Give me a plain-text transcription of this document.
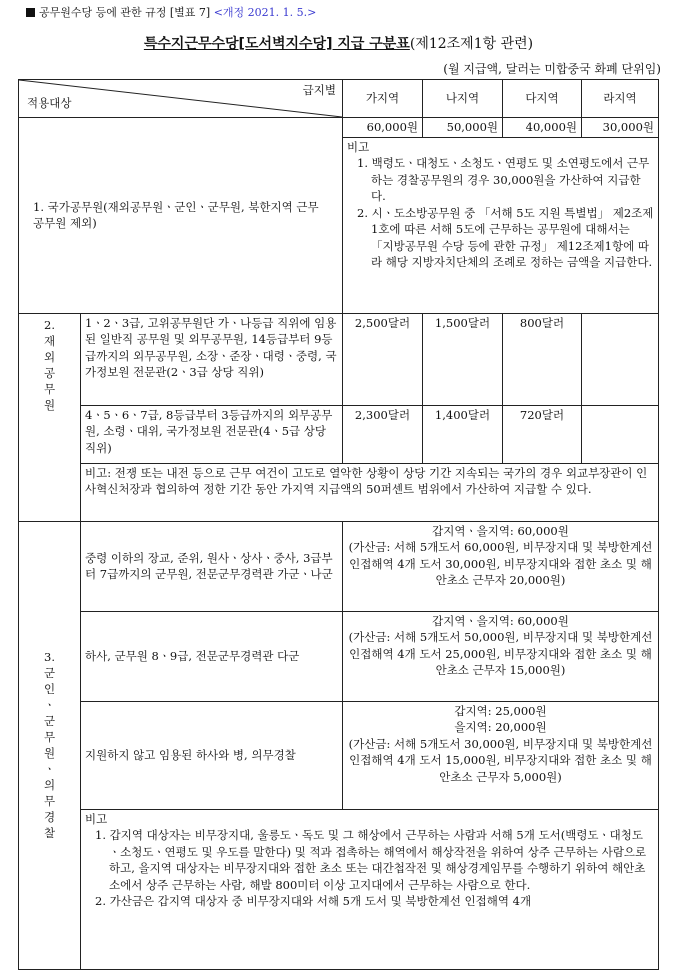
공무원수당 등에 관한 규정 [별표 7] <개정 2021. 1. 5.>
특수지근무수당[도서벽지수당] 지급 구분표(제12조제1항 관련)
(월 지급액, 달러는 미합중국 화폐 단위임)
급지별
적용대상		가지역	나지역	다지역	라지역

1. 국가공무원(재외공무원ㆍ군인ㆍ군무원, 북한지역 근무공무원 제외)		60,000원	50,000원	40,000원	30,000원

		비고

1. 백령도ㆍ대청도ㆍ소청도ㆍ연평도 및 소연평도에서 근무하는 경찰공무원의 경우 30,000원을 가산하여 지급한다.

2. 시ㆍ도소방공무원 중 「서해 5도 지원 특별법」 제2조제1호에 따른 서해 5도에 근무하는 공무원에 대해서는 「지방공무원 수당 등에 관한 규정」 제12조제1항에 따라 해당 지방자치단체의 조례로 정하는 금액을 지급한다.			

2. 재외공무원	1ㆍ2ㆍ3급, 고위공무원단 가ㆍ나등급 직위에 임용된 일반직 공무원 및 외무공무원, 14등급부터 9등급까지의 외무공무원, 소장ㆍ준장ㆍ대령ㆍ중령, 국가정보원 전문관(2ㆍ3급 상당 직위)	2,500달러	1,500달러	800달러	
	4ㆍ5ㆍ6ㆍ7급, 8등급부터 3등급까지의 외무공무원, 소령ㆍ대위, 국가정보원 전문관(4ㆍ5급 상당 직위)	2,300달러	1,400달러	720달러	
	비고: 전쟁 또는 내전 등으로 근무 여건이 고도로 열악한 상황이 상당 기간 지속되는 국가의 경우 외교부장관이 인사혁신처장과 협의하여 정한 기간 동안 가지역 지급액의 50퍼센트 범위에서 가산하여 지급할 수 있다.				

3. 군인ㆍ군무원ㆍ의무경찰	중령 이하의 장교, 준위, 원사ㆍ상사ㆍ중사, 3급부터 7급까지의 군무원, 전문군무경력관 가군ㆍ나군	갑지역ㆍ을지역: 60,000원
(가산금: 서해 5개도서 60,000원, 비무장지대 및 북방한계선 인접해역 4개 도서 30,000원, 비무장지대와 접한 초소 및 해안초소 근무자 20,000원)			

	하사, 군무원 8ㆍ9급, 전문군무경력관 다군	갑지역ㆍ을지역: 60,000원
(가산금: 서해 5개도서 50,000원, 비무장지대 및 북방한계선 인접해역 4개 도서 25,000원, 비무장지대와 접한 초소 및 해안초소 근무자 15,000원)			

	지원하지 않고 임용된 하사와 병, 의무경찰	갑지역: 25,000원
을지역: 20,000원
(가산금: 서해 5개도서 30,000원, 비무장지대 및 북방한계선 인접해역 4개 도서 15,000원, 비무장지대와 접한 초소 및 해안초소 근무자 5,000원)			

	비고

1. 갑지역 대상자는 비무장지대, 울릉도ㆍ독도 및 그 해상에서 근무하는 사람과 서해 5개 도서(백령도ㆍ대청도ㆍ소청도ㆍ연평도 및 우도를 말한다) 및 적과 접촉하는 해역에서 해상작전을 위하여 상주 근무하는 사람으로 하고, 을지역 대상자는 비무장지대와 접한 초소 또는 대간첩작전 및 해상경계임무를 수행하기 위하여 해안초소에서 상주 근무하는 사람, 해발 800미터 이상 고지대에서 근무하는 사람으로 한다.

2. 가산금은 갑지역 대상자 중 비무장지대와 서해 5개 도서 및 북방한계선 인접해역 4개				
